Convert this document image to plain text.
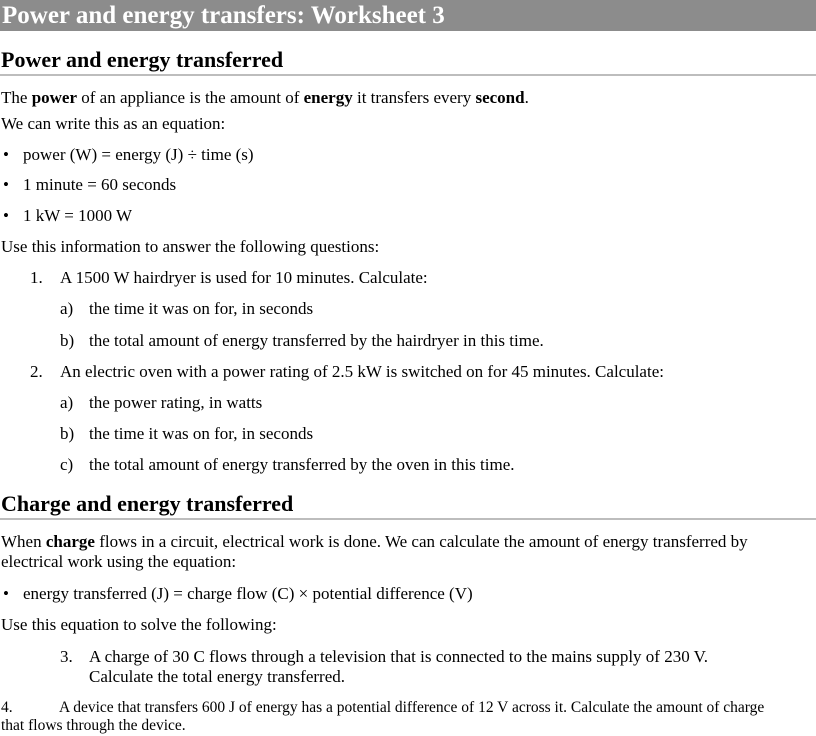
Power and energy transfers: Worksheet 3
Power and energy transferred
The power of an appliance is the amount of energy it transfers every second.
We can write this as an equation:
• power (W) = energy (J) ÷ time (s)
• 1 minute = 60 seconds
• 1 kW = 1000 W
Use this information to answer the following questions:
1. A 1500 W hairdryer is used for 10 minutes. Calculate:
a) the time it was on for, in seconds
b) the total amount of energy transferred by the hairdryer in this time.
2. An electric oven with a power rating of 2.5 kW is switched on for 45 minutes. Calculate:
a) the power rating, in watts
b) the time it was on for, in seconds
c) the total amount of energy transferred by the oven in this time.
Charge and energy transferred
When charge flows in a circuit, electrical work is done. We can calculate the amount of energy transferred by
electrical work using the equation:
• energy transferred (J) = charge flow (C) × potential difference (V)
Use this equation to solve the following:
3. A charge of 30 C flows through a television that is connected to the mains supply of 230 V.
Calculate the total energy transferred.
4.	A device that transfers 600 J of energy has a potential difference of 12 V across it. Calculate the amount of charge
that flows through the device.
